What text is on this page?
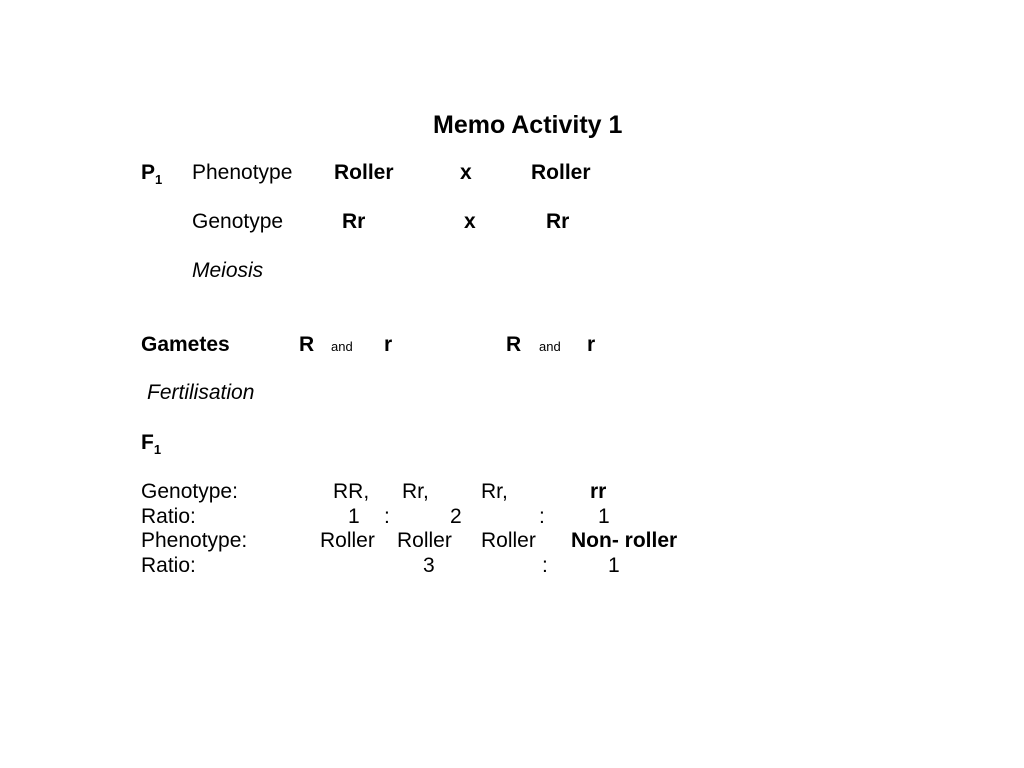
Memo Activity 1
$P_1$ Phenotype Roller	x	Roller
Genotype	Rr	x	Rr
Meiosis
Gametes	R and r	R and r
Fertilisation
$F_1$
Genotype:	RR, Rr, Rr,	rr
Ratio:	1 :	2	:	1
Phenotype:	Roller Roller Roller Non- roller
Ratio:	3	:	1
